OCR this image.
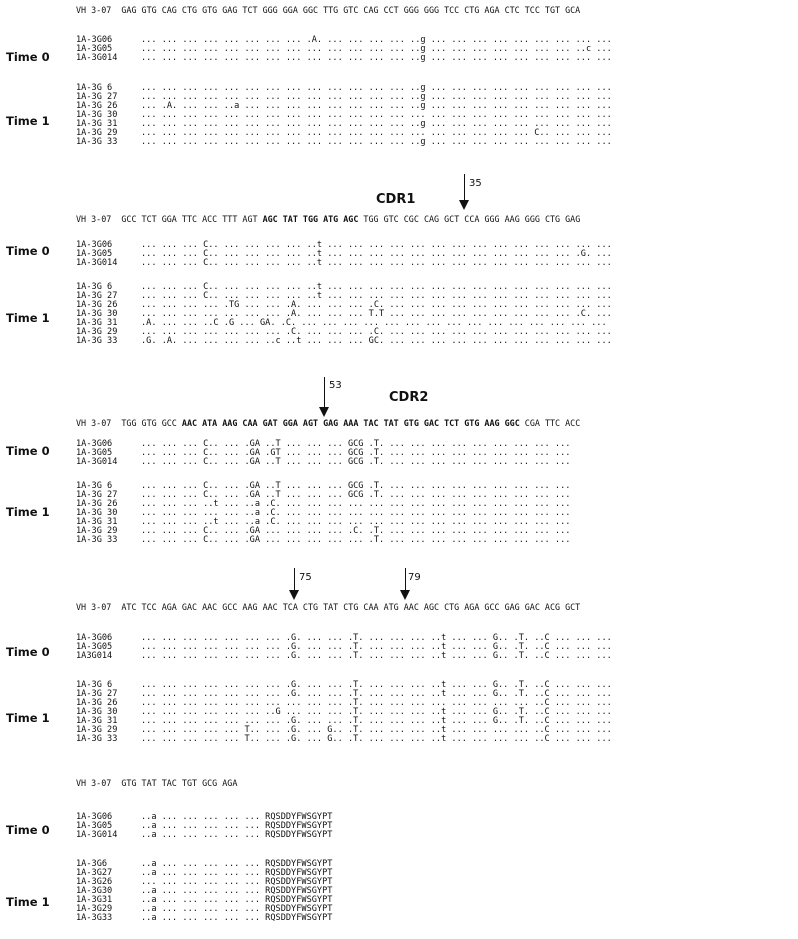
VH 3-07 GAG GTG CAG CTG GTG GAG TCT GGG GGA GGC TTG GTC CAG CCT GGG GGG TCC CTG AGA CTC TCC TGT GCA
Time 0
Time 1
1A-3G06	... ... ... ... ... ... ... ... .A. ... ... ... ... ..g ... ... ... ... ... ... ... ... ...
1A-3G05	... ... ... ... ... ... ... ... ... ... ... ... ... ..g ... ... ... ... ... ... ... ..c ...
1A-3G014	... ... ... ... ... ... ... ... ... ... ... ... ... ..g ... ... ... ... ... ... ... ... ...
1A-3G 6	... ... ... ... ... ... ... ... ... ... ... ... ... ..g ... ... ... ... ... ... ... ... ...
1A-3G 27	... ... ... ... ... ... ... ... ... ... ... ... ... ..g ... ... ... ... ... ... ... ... ...
1A-3G 26	... .A. ... ... ..a ... ... ... ... ... ... ... ... ..g ... ... ... ... ... ... ... ... ...
1A-3G 30	... ... ... ... ... ... ... ... ... ... ... ... ... ... ... ... ... ... ... ... ... ... ...
1A-3G 31	... ... ... ... ... ... ... ... ... ... ... ... ... ..g ... ... ... ... ... ... ... ... ...
1A-3G 29	... ... ... ... ... ... ... ... ... ... ... ... ... ... ... ... ... ... ... C.. ... ... ...
1A-3G 33	... ... ... ... ... ... ... ... ... ... ... ... ... ..g ... ... ... ... ... ... ... ... ...
CDR1
35
VH 3-07 GCC TCT GGA TTC ACC TTT AGT AGC TAT TGG ATG AGC TGG GTC CGC CAG GCT CCA GGG AAG GGG CTG GAG
Time 0
Time 1
1A-3G06	... ... ... C.. ... ... ... ... ..t ... ... ... ... ... ... ... ... ... ... ... ... ... ...
1A-3G05	... ... ... C.. ... ... ... ... ..t ... ... ... ... ... ... ... ... ... ... ... ... .G. ...
1A-3G014	... ... ... C.. ... ... ... ... ..t ... ... ... ... ... ... ... ... ... ... ... ... ... ...
1A-3G 6	... ... ... C.. ... ... ... ... ..t ... ... ... ... ... ... ... ... ... ... ... ... ... ...
1A-3G 27	... ... ... C.. ... ... ... ... ..t ... ... ... ... ... ... ... ... ... ... ... ... ... ...
1A-3G 26	... ... ... ... .TG ... ... .A. ... ... ... .C. ... ... ... ... ... ... ... ... ... ... ...
1A-3G 30	... ... ... ... ... ... ... .A. ... ... ... T.T ... ... ... ... ... ... ... ... ... .C. ...
1A-3G 31	.A. ... ... ..C .G ... GA. .C. ... ... ... ... ... ... ... ... ... ... ... ... ... ... ...
1A-3G 29	... ... ... ... ... ... ... .C. ... ... ... .C. ... ... ... ... ... ... ... ... ... ... ...
1A-3G 33	.G. .A. ... ... ... ... ..c ..t ... ... ... GC. ... ... ... ... ... ... ... ... ... ... ...
53
CDR2
VH 3-07 TGG GTG GCC AAC ATA AAG CAA GAT GGA AGT GAG AAA TAC TAT GTG GAC TCT GTG AAG GGC CGA TTC ACC
Time 0
Time 1
1A-3G06	... ... ... C.. ... .GA ..T ... ... ... GCG .T. ... ... ... ... ... ... ... ... ...
1A-3G05	... ... ... C.. ... .GA .GT ... ... ... GCG .T. ... ... ... ... ... ... ... ... ...
1A-3G014	... ... ... C.. ... .GA ..T ... ... ... GCG .T. ... ... ... ... ... ... ... ... ...
1A-3G 6	... ... ... C.. ... .GA ..T ... ... ... GCG .T. ... ... ... ... ... ... ... ... ...
1A-3G 27	... ... ... C.. ... .GA ..T ... ... ... GCG .T. ... ... ... ... ... ... ... ... ...
1A-3G 26	... ... ... ..t ... ..a .C. ... ... ... ... ... ... ... ... ... ... ... ... ... ...
1A-3G 30	... ... ... ... ... ..a .C. ... ... ... ... ... ... ... ... ... ... ... ... ... ...
1A-3G 31	... ... ... ..t ... ..a .C. ... ... ... ... ... ... ... ... ... ... ... ... ... ...
1A-3G 29	... ... ... C.. ... .GA ... ... ... ... .C. .T. ... ... ... ... ... ... ... ... ...
1A-3G 33	... ... ... C.. ... .GA ... ... ... ... ... .T. ... ... ... ... ... ... ... ... ...
75	79
VH 3-07 ATC TCC AGA GAC AAC GCC AAG AAC TCA CTG TAT CTG CAA ATG AAC AGC CTG AGA GCC GAG GAC ACG GCT
Time 0
Time 1
1A-3G06	... ... ... ... ... ... ... .G. ... ... .T. ... ... ... ..t ... ... G.. .T. ..C ... ... ...
1A-3G05	... ... ... ... ... ... ... .G. ... ... .T. ... ... ... ..t ... ... G.. .T. ..C ... ... ...
1A3G014	... ... ... ... ... ... ... .G. ... ... .T. ... ... ... ..t ... ... G.. .T. ..C ... ... ...
1A-3G 6	... ... ... ... ... ... ... .G. ... ... .T. ... ... ... ..t ... ... G.. .T. ..C ... ... ...
1A-3G 27	... ... ... ... ... ... ... .G. ... ... .T. ... ... ... ..t ... ... G.. .T. ..C ... ... ...
1A-3G 26	... ... ... ... ... ... ... ... ... ... .T. ... ... ... ... ... ... ... ... ..C ... ... ...
1A-3G 30	... ... ... ... ... ... ..G ... ... ... .T. ... ... ... ..t ... ... G.. .T. ..C ... ... ...
1A-3G 31	... ... ... ... ... ... ... .G. ... ... .T. ... ... ... ..t ... ... G.. .T. ..C ... ... ...
1A-3G 29	... ... ... ... ... T.. ... .G. ... G.. .T. ... ... ... ..t ... ... ... ... ..C ... ... ...
1A-3G 33	... ... ... ... ... T.. ... .G. ... G.. .T. ... ... ... ..t ... ... ... ... ..C ... ... ...
VH 3-07 GTG TAT TAC TGT GCG AGA
Time 0
Time 1
1A-3G06	..a ... ... ... ... ... RQSDDYFWSGYPT
1A-3G05	..a ... ... ... ... ... RQSDDYFWSGYPT
1A-3G014	..a ... ... ... ... ... RQSDDYFWSGYPT
1A-3G6	..a ... ... ... ... ... RQSDDYFWSGYPT
1A-3G27	..a ... ... ... ... ... RQSDDYFWSGYPT
1A-3G26	... ... ... ... ... ... RQSDDYFWSGYPT
1A-3G30	..a ... ... ... ... ... RQSDDYFWSGYPT
1A-3G31	..a ... ... ... ... ... RQSDDYFWSGYPT
1A-3G29	..a ... ... ... ... ... RQSDDYFWSGYPT
1A-3G33	..a ... ... ... ... ... RQSDDYFWSGYPT
